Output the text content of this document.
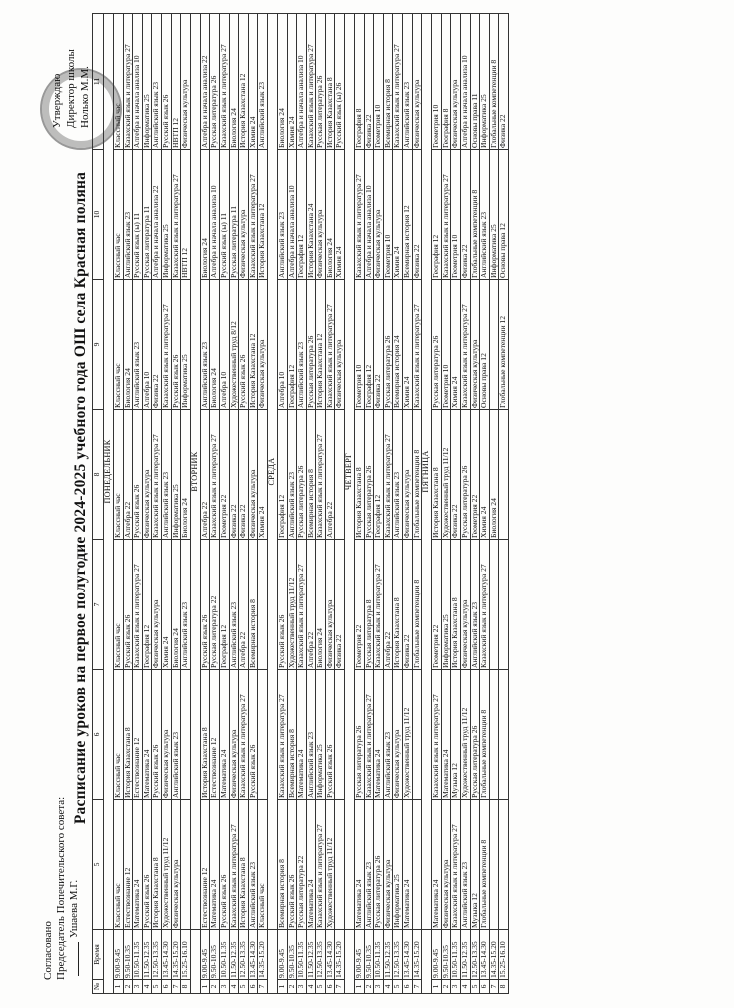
Согласовано Председатель Попечительского совета: Ушаева М.Г.
Утверждаю Директор школы Нолько М.М.
Расписание уроков на первое полугодие 2024-2025 учебного года ОШ села Красная поляна
№	Время	5	6	7	8	9	10	11
		ПОНЕДЕЛЬНИК						
1	9.00-9.45	Классный час	Классный час	Классный час	Классный час	Классный час	Классный час	Классный час

2	9.50-10.35	Естествознание 12	История Казахстана 8	Русский язык 26	Алгебра 22	Биология 24	Английский язык 23	Казахский язык и литература 27

3	10.50-11.35	Математика 24	Естествознание 12	Казахский язык и литература 27	Русский язык 26	Английский язык 23	Русский язык (ы) 11	Алгебра и начала анализа 10

4	11.50-12.35	Русский язык 26	Математика 24	География 12	Физическая культура	Алгебра 10	Русская литература 11	Информатика 25

5	12.50-13.35	История Казахстана 8	Русский язык 26	Физическая культура	Казахский язык и литература 27	Физика 22	Алгебра и начала анализа 22	Английский язык 23

6	13.45-14.30	Художественный труд 11/12	Физическая культура	Химия 24	Английский язык 23	Казахский язык и литература 27	Информатика 25	Русский язык 26

7	14.35-15.20	Физическая культура	Английский язык 23	Биология 24	Информатика 25	Русский язык 26	Казахский язык и литература 27	НВТП 12

8	15.25-16.10			Английский язык 23	Биология 24	Информатика 25	НВТП 12	Физическая культура

		ВТОРНИК						
1	9.00-9.45	Естествознание 12	История Казахстана 8	Русский язык 26	Алгебра 22	Английский язык 23	Биология 24	Алгебра и начала анализа 22

2	9.50-10.35	Математика 24	Естествознание 12	Русская литература 22	Казахский язык и литература 27	Биология 24	Алгебра и начала анализа 10	Русская литература 26

3	10.50-11.35	Русский язык 26	Математика 24	География 12	Геометрия 22	Алгебра 10	Русский язык (ы) 11	Казахский язык и литература 27

4	11.50-12.35	Казахский язык и литература 27	Физическая культура	Английский язык 23	Физика 22	Художественный труд 8/12	Русская литература 11	Биология 24

5	12.50-13.35	История Казахстана 8	Казахский язык и литература 27	Алгебра 22	Физика 22	Русский язык 26	Физическая культура	История Казахстана 12

6	13.45-14.30	Английский язык 23	Русский язык 26	Всемирная история 8	Физическая культура	История Казахстана 12	Казахский язык и литература 27	Химия 24

7	14.35-15.20	Классный час			Химия 24	Физическая культура	История Казахстана 12	Английский язык 23

		СРЕДА						
1	9.00-9.45	Всемирная история 8	Казахский язык и литература 27	Русский язык 26	География 12	Алгебра 10	Английский язык 23	Биология 24

2	9.50-10.35	Русский язык 26	Всемирная история 8	Художественный труд 11/12	Английский язык 23	География 12	Алгебра и начала анализа 10	Химия 24

3	10.50-11.35	Русская литература 22	Математика 24	Казахский язык и литература 27	Русская литература 26	Английский язык 23	География 12	Алгебра и начала анализа 10

4	11.50-12.35	Математика 24	Английский язык 23	Алгебра 22	Всемирная история 8	Русская литература 26	История Казахстана 24	Казахский язык и литература 27

5	12.50-13.35	Казахский язык и литература 27	Информатика 25	Биология 24	Казахский язык и литература 27	История Казахстана 12	Физическая культура	Русская литература 26

6	13.45-14.30	Художественный труд 11/12	Русский язык 26	Физическая культура	Алгебра 22	Казахский язык и литература 27	Биология 24	История Казахстана 8

7	14.35-15.20			Физика 22		Физическая культура	Химия 24	Русский язык (ы) 26

		ЧЕТВЕРГ						
1	9.00-9.45	Математика 24	Русская литература 26	Геометрия 22	История Казахстана 8	Геометрия 10	Казахский язык и литература 27	География 8

2	9.50-10.35	Английский язык 23	Казахский язык и литература 27	Русская литература 8	Русская литература 26	География 12	Алгебра и начала анализа 10	Физика 22

3	10.50-11.35	Русская литература 26	Математика 24	Казахский язык и литература 27	География 12	Физика 22	Физическая культура	Геометрия 10

4	11.50-12.35	Физическая культура	Английский язык 23	Алгебра 22	Казахский язык и литература 27	Русская литература 26	Геометрия 10	Всемирная история 8

5	12.50-13.35	Информатика 25	Физическая культура	История Казахстана 8	Английский язык 23	Всемирная история 24	Химия 24	Казахский язык и литература 27

6	13.45-14.30	Математика 24	Художественный труд 11/12	Физика 22	Физическая культура	Химия 24	Всемирная история 12	Английский язык 23

7	14.35-15.20			Глобальные компетенции 8	Глобальные компетенции 8	Казахский язык и литература 27	Физика 22	Физическая культура

		ПЯТНИЦА						
1	9.00-9.45	Математика 24	Казахский язык и литература 27	Геометрия 22	История Казахстана 8	Русская литература 26	География 12	Геометрия 10

2	9.50-10.35	Физическая культура	Математика 24	Информатика 25	Художественный труд 11/12	Геометрия 10	Казахский язык и литература 27	География 8

3	10.50-11.35	Казахский язык и литература 27	Музыка 12	История Казахстана 8	Физика 22	Химия 24	Геометрия 10	Физическая культура

4	11.50-12.35	Английский язык 23	Художественный труд 11/12	Физическая культура	Русская литература 26	Казахский язык и литература 27	Физика 22	Алгебра и начала анализа 10

5	12.50-13.35	Музыка 12	Русская литература 26	Английский язык 23	Геометрия 22	Физическая культура	Глобальные компетенции 8	Основы права 11

6	13.45-14.30	Глобальные компетенции 8	Глобальные компетенции 8	Казахский язык и литература 27	Химия 24	Основы права 12	Английский язык 23	Информатика 25

7	14.35-15.20				Биология 24		Информатика 25	Глобальные компетенции 8

8	15.25-16.10					Глобальные компетенции 12	Основы права 12	Физика 22
